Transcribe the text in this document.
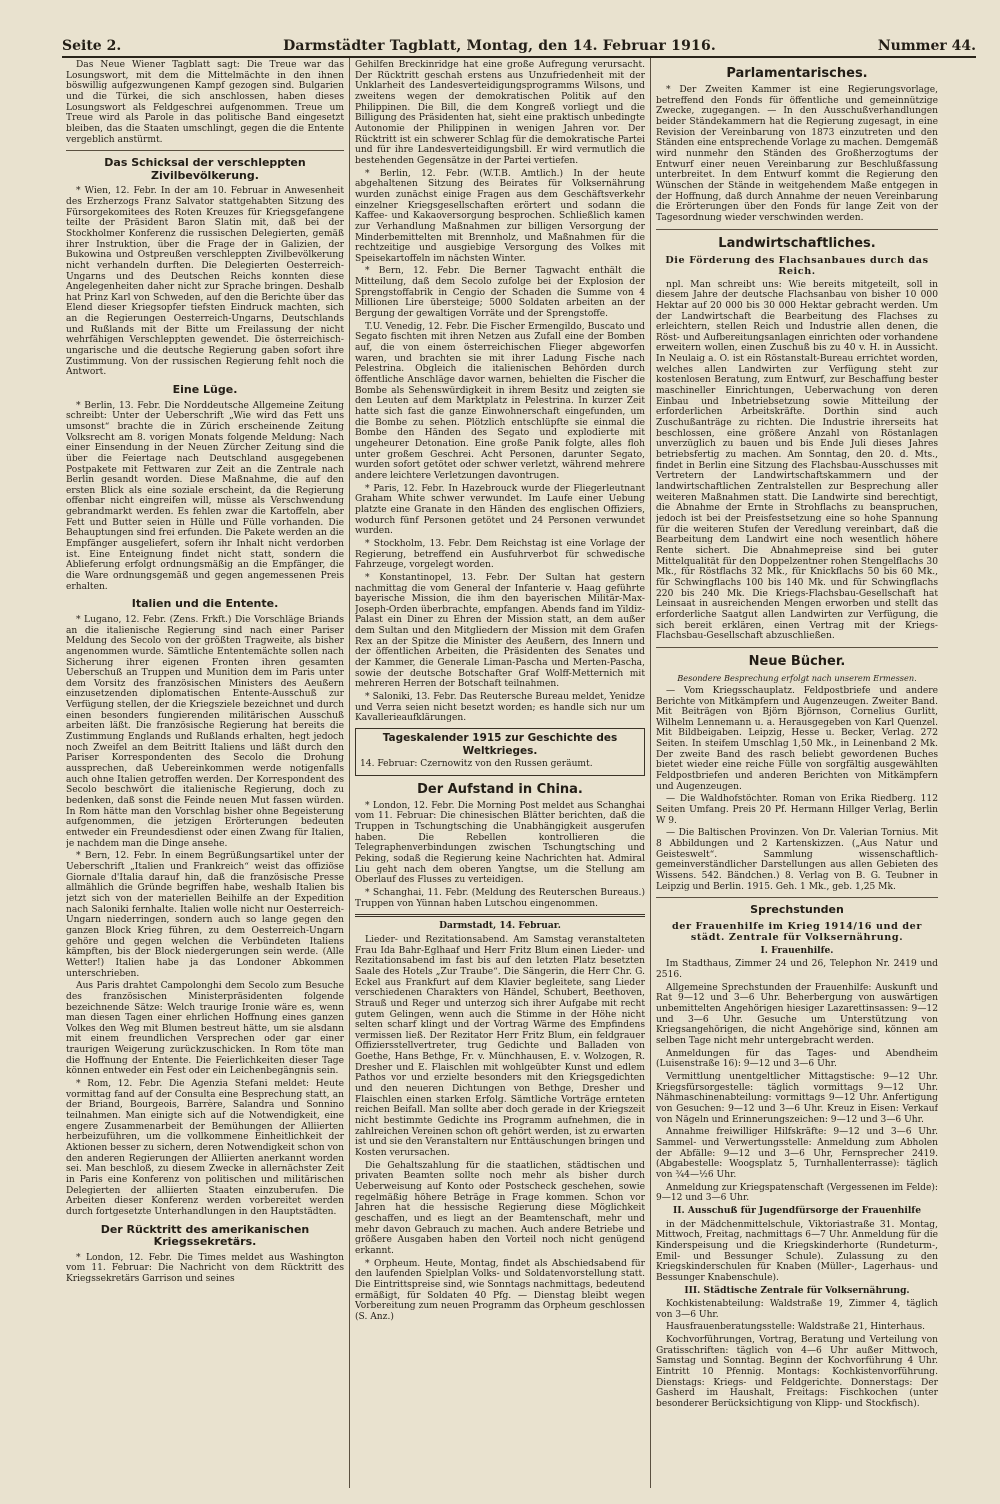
Seite 2.	Darmstädter Tagblatt, Montag, den 14. Februar 1916.	Nummer 44.

Das Neue Wiener Tagblatt sagt: Die Treue war das Losungswort, mit dem die Mittelmächte in den ihnen böswillig aufgezwungenen Kampf gezogen sind. Bulgarien und die Türkei, die sich anschlossen, haben dieses Losungswort als Feldgeschrei aufgenommen. Treue um Treue wird als Parole in das politische Band eingesetzt bleiben, das die Staaten umschlingt, gegen die die Entente vergeblich anstürmt.

Das Schicksal der verschleppten Zivilbevölkerung.

* Wien, 12. Febr. In der am 10. Februar in Anwesenheit des Erzherzogs Franz Salvator stattgehabten Sitzung des Fürsorgekomitees des Roten Kreuzes für Kriegsgefangene teilte der Präsident Baron Slatin mit, daß bei der Stockholmer Konferenz die russischen Delegierten, gemäß ihrer Instruktion, über die Frage der in Galizien, der Bukowina und Ostpreußen verschleppten Zivilbevölkerung nicht verhandeln durften. Die Delegierten Oesterreich-Ungarns und des Deutschen Reichs konnten diese Angelegenheiten daher nicht zur Sprache bringen. Deshalb hat Prinz Karl von Schweden, auf den die Berichte über das Elend dieser Kriegsopfer tiefsten Eindruck machten, sich an die Regierungen Oesterreich-Ungarns, Deutschlands und Rußlands mit der Bitte um Freilassung der nicht wehrfähigen Verschleppten gewendet. Die österreichisch-ungarische und die deutsche Regierung gaben sofort ihre Zustimmung. Von der russischen Regierung fehlt noch die Antwort.

Eine Lüge.

* Berlin, 13. Febr. Die Norddeutsche Allgemeine Zeitung schreibt: Unter der Ueberschrift „Wie wird das Fett uns umsonst“ brachte die in Zürich erscheinende Zeitung Volksrecht am 8. vorigen Monats folgende Meldung: Nach einer Einsendung in der Neuen Zürcher Zeitung sind die über die Feiertage nach Deutschland ausgegebenen Postpakete mit Fettwaren zur Zeit an die Zentrale nach Berlin gesandt worden. Diese Maßnahme, die auf den ersten Blick als eine soziale erscheint, da die Regierung offenbar nicht eingreifen will, müsse als Verschwendung gebrandmarkt werden. Es fehlen zwar die Kartoffeln, aber Fett und Butter seien in Hülle und Fülle vorhanden. Die Behauptungen sind frei erfunden. Die Pakete werden an die Empfänger ausgeliefert, sofern ihr Inhalt nicht verdorben ist. Eine Enteignung findet nicht statt, sondern die Ablieferung erfolgt ordnungsmäßig an die Empfänger, die die Ware ordnungsgemäß und gegen angemessenen Preis erhalten.

Italien und die Entente.

* Lugano, 12. Febr. (Zens. Frkft.) Die Vorschläge Briands an die italienische Regierung sind nach einer Pariser Meldung des Secolo von der größten Tragweite, als bisher angenommen wurde. Sämtliche Ententemächte sollen nach Sicherung ihrer eigenen Fronten ihren gesamten Ueberschuß an Truppen und Munition dem im Paris unter dem Vorsitz des französischen Ministers des Aeußern einzusetzenden diplomatischen Entente-Ausschuß zur Verfügung stellen, der die Kriegsziele bezeichnet und durch einen besonders fungierenden militärischen Ausschuß arbeiten läßt. Die französische Regierung hat bereits die Zustimmung Englands und Rußlands erhalten, hegt jedoch noch Zweifel an dem Beitritt Italiens und läßt durch den Pariser Korrespondenten des Secolo die Drohung aussprechen, daß Uebereinkommen werde notigenfalls auch ohne Italien getroffen werden. Der Korrespondent des Secolo beschwört die italienische Regierung, doch zu bedenken, daß sonst die Feinde neuen Mut fassen würden. In Rom hätte man den Vorschlag bisher ohne Begeisterung aufgenommen, die jetzigen Erörterungen bedeuten entweder ein Freundesdienst oder einen Zwang für Italien, je nachdem man die Dinge ansehe.

* Bern, 12. Febr. In einem Begrüßungsartikel unter der Ueberschrift „Italien und Frankreich“ weist das offiziöse Giornale d'Italia darauf hin, daß die französische Presse allmählich die Gründe begriffen habe, weshalb Italien bis jetzt sich von der materiellen Beihilfe an der Expedition nach Saloniki fernhalte. Italien wolle nicht nur Oesterreich-Ungarn niederringen, sondern auch so lange gegen den ganzen Block Krieg führen, zu dem Oesterreich-Ungarn gehöre und gegen welchen die Verbündeten Italiens kämpften, bis der Block niedergerungen sein werde. (Alle Wetter!) Italien habe ja das Londoner Abkommen unterschrieben.

Aus Paris drahtet Campolonghi dem Secolo zum Besuche des französischen Ministerpräsidenten folgende bezeichnende Sätze: Welch traurige Ironie wäre es, wenn man diesen Tagen einer ehrlichen Hoffnung eines ganzen Volkes den Weg mit Blumen bestreut hätte, um sie alsdann mit einem freundlichen Versprechen oder gar einer traurigen Weigerung zurückzuschicken. In Rom töte man die Hoffnung der Entente. Die Feierlichkeiten dieser Tage können entweder ein Fest oder ein Leichenbegängnis sein.

* Rom, 12. Febr. Die Agenzia Stefani meldet: Heute vormittag fand auf der Consulta eine Besprechung statt, an der Briand, Bourgeois, Barrère, Salandra und Sonnino teilnahmen. Man einigte sich auf die Notwendigkeit, eine engere Zusammenarbeit der Bemühungen der Alliierten herbeizuführen, um die vollkommene Einheitlichkeit der Aktionen besser zu sichern, deren Notwendigkeit schon von den anderen Regierungen der Alliierten anerkannt worden sei. Man beschloß, zu diesem Zwecke in allernächster Zeit in Paris eine Konferenz von politischen und militärischen Delegierten der alliierten Staaten einzuberufen. Die Arbeiten dieser Konferenz werden vorbereitet werden durch fortgesetzte Unterhandlungen in den Hauptstädten.

Der Rücktritt des amerikanischen Kriegssekretärs.

* London, 12. Febr. Die Times meldet aus Washington vom 11. Februar: Die Nachricht von dem Rücktritt des Kriegssekretärs Garrison und seines

Gehilfen Breckinridge hat eine große Aufregung verursacht. Der Rücktritt geschah erstens aus Unzufriedenheit mit der Unklarheit des Landesverteidigungsprogramms Wilsons, und zweitens wegen der demokratischen Politik auf den Philippinen. Die Bill, die dem Kongreß vorliegt und die Billigung des Präsidenten hat, sieht eine praktisch unbedingte Autonomie der Philippinen in wenigen Jahren vor. Der Rücktritt ist ein schwerer Schlag für die demokratische Partei und für ihre Landesverteidigungsbill. Er wird vermutlich die bestehenden Gegensätze in der Partei vertiefen.

* Berlin, 12. Febr. (W.T.B. Amtlich.) In der heute abgehaltenen Sitzung des Beirates für Volksernährung wurden zunächst einige Fragen aus dem Geschäftsverkehr einzelner Kriegsgesellschaften erörtert und sodann die Kaffee- und Kakaoversorgung besprochen. Schließlich kamen zur Verhandlung Maßnahmen zur billigen Versorgung der Minderbemittelten mit Brennholz, und Maßnahmen für die rechtzeitige und ausgiebige Versorgung des Volkes mit Speisekartoffeln im nächsten Winter.

* Bern, 12. Febr. Die Berner Tagwacht enthält die Mitteilung, daß dem Secolo zufolge bei der Explosion der Sprengstoffabrik in Cengio der Schaden die Summe von 4 Millionen Lire übersteige; 5000 Soldaten arbeiten an der Bergung der gewaltigen Vorräte und der Sprengstoffe.

T.U. Venedig, 12. Febr. Die Fischer Ermengildo, Buscato und Segato fischten mit ihren Netzen aus Zufall eine der Bomben auf, die von einem österreichischen Flieger abgeworfen waren, und brachten sie mit ihrer Ladung Fische nach Pelestrina. Obgleich die italienischen Behörden durch öffentliche Anschläge davor warnen, behielten die Fischer die Bombe als Sehenswürdigkeit in ihrem Besitz und zeigten sie den Leuten auf dem Marktplatz in Pelestrina. In kurzer Zeit hatte sich fast die ganze Einwohnerschaft eingefunden, um die Bombe zu sehen. Plötzlich entschlüpfte sie einmal die Bombe den Händen des Segato und explodierte mit ungeheurer Detonation. Eine große Panik folgte, alles floh unter großem Geschrei. Acht Personen, darunter Segato, wurden sofort getötet oder schwer verletzt, während mehrere andere leichtere Verletzungen davontrugen.

* Paris, 12. Febr. In Hazebrouck wurde der Fliegerleutnant Graham White schwer verwundet. Im Laufe einer Uebung platzte eine Granate in den Händen des englischen Offiziers, wodurch fünf Personen getötet und 24 Personen verwundet wurden.

* Stockholm, 13. Febr. Dem Reichstag ist eine Vorlage der Regierung, betreffend ein Ausfuhrverbot für schwedische Fahrzeuge, vorgelegt worden.

* Konstantinopel, 13. Febr. Der Sultan hat gestern nachmittag die vom General der Infanterie v. Haag geführte bayerische Mission, die ihm den bayerischen Militär-Max-Joseph-Orden überbrachte, empfangen. Abends fand im Yildiz-Palast ein Diner zu Ehren der Mission statt, an dem außer dem Sultan und den Mitgliedern der Mission mit dem Grafen Rex an der Spitze die Minister des Aeußern, des Innern und der öffentlichen Arbeiten, die Präsidenten des Senates und der Kammer, die Generale Liman-Pascha und Merten-Pascha, sowie der deutsche Botschafter Graf Wolff-Metternich mit mehreren Herren der Botschaft teilnahmen.

* Saloniki, 13. Febr. Das Reutersche Bureau meldet, Yenidze und Verra seien nicht besetzt worden; es handle sich nur um Kavallerieaufklärungen.

Tageskalender 1915 zur Geschichte des Weltkrieges.

14. Februar: Czernowitz von den Russen geräumt.

Der Aufstand in China.

* London, 12. Febr. Die Morning Post meldet aus Schanghai vom 11. Februar: Die chinesischen Blätter berichten, daß die Truppen in Tschungtsching die Unabhängigkeit ausgerufen haben. Die Rebellen kontrollieren die Telegraphenverbindungen zwischen Tschungtsching und Peking, sodaß die Regierung keine Nachrichten hat. Admiral Liu geht nach dem oberen Yangtse, um die Stellung am Oberlauf des Flusses zu verteidigen.

* Schanghai, 11. Febr. (Meldung des Reuterschen Bureaus.) Truppen von Yünnan haben Lutschou eingenommen.

Darmstadt, 14. Februar.

Lieder- und Rezitationsabend. Am Samstag veranstalteten Frau Ida Bahr-Eglhaaf und Herr Fritz Blum einen Lieder- und Rezitationsabend im fast bis auf den letzten Platz besetzten Saale des Hotels „Zur Traube“. Die Sängerin, die Herr Chr. G. Eckel aus Frankfurt auf dem Klavier begleitete, sang Lieder verschiedenen Charakters von Händel, Schubert, Beethoven, Strauß und Reger und unterzog sich ihrer Aufgabe mit recht gutem Gelingen, wenn auch die Stimme in der Höhe nicht selten scharf klingt und der Vortrag Wärme des Empfindens vermissen ließ. Der Rezitator Herr Fritz Blum, ein feldgrauer Offiziersstellvertreter, trug Gedichte und Balladen von Goethe, Hans Bethge, Fr. v. Münchhausen, E. v. Wolzogen, R. Dresher und E. Flaischlen mit wohlgeübter Kunst und edlem Pathos vor und erzielte besonders mit den Kriegsgedichten und den neueren Dichtungen von Bethge, Dresher und Flaischlen einen starken Erfolg. Sämtliche Vorträge ernteten reichen Beifall. Man sollte aber doch gerade in der Kriegszeit nicht bestimmte Gedichte ins Programm aufnehmen, die in zahlreichen Vereinen schon oft gehört werden, ist zu erwarten ist und sie den Veranstaltern nur Enttäuschungen bringen und Kosten verursachen.

Die Gehaltszahlung für die staatlichen, städtischen und privaten Beamten sollte noch mehr als bisher durch Ueberweisung auf Konto oder Postscheck geschehen, sowie regelmäßig höhere Beträge in Frage kommen. Schon vor Jahren hat die hessische Regierung diese Möglichkeit geschaffen, und es liegt an der Beamtenschaft, mehr und mehr davon Gebrauch zu machen. Auch andere Betriebe und größere Ausgaben haben den Vorteil noch nicht genügend erkannt.

* Orpheum. Heute, Montag, findet als Abschiedsabend für den laufenden Spielplan Volks- und Soldatenvorstellung statt. Die Eintrittspreise sind, wie Sonntags nachmittags, bedeutend ermäßigt, für Soldaten 40 Pfg. — Dienstag bleibt wegen Vorbereitung zum neuen Programm das Orpheum geschlossen (S. Anz.)

Parlamentarisches.

* Der Zweiten Kammer ist eine Regierungsvorlage, betreffend den Fonds für öffentliche und gemeinnützige Zwecke, zugegangen. — In den Ausschußverhandlungen beider Ständekammern hat die Regierung zugesagt, in eine Revision der Vereinbarung von 1873 einzutreten und den Ständen eine entsprechende Vorlage zu machen. Demgemäß wird nunmehr den Ständen des Großherzogtums der Entwurf einer neuen Vereinbarung zur Beschlußfassung unterbreitet. In dem Entwurf kommt die Regierung den Wünschen der Stände in weitgehendem Maße entgegen in der Hoffnung, daß durch Annahme der neuen Vereinbarung die Erörterungen über den Fonds für lange Zeit von der Tagesordnung wieder verschwinden werden.

Landwirtschaftliches.
Die Förderung des Flachsanbaues durch das Reich.

npl. Man schreibt uns: Wie bereits mitgeteilt, soll in diesem Jahre der deutsche Flachsanbau von bisher 10 000 Hektar auf 20 000 bis 30 000 Hektar gebracht werden. Um der Landwirtschaft die Bearbeitung des Flachses zu erleichtern, stellen Reich und Industrie allen denen, die Röst- und Aufbereitungsanlagen einrichten oder vorhandene erweitern wollen, einen Zuschuß bis zu 40 v. H. in Aussicht. In Neulaig a. O. ist ein Röstanstalt-Bureau errichtet worden, welches allen Landwirten zur Verfügung steht zur kostenlosen Beratung, zum Entwurf, zur Beschaffung bester maschineller Einrichtungen, Ueberwachung von deren Einbau und Inbetriebsetzung sowie Mitteilung der erforderlichen Arbeitskräfte. Dorthin sind auch Zuschußanträge zu richten. Die Industrie ihrerseits hat beschlossen, eine größere Anzahl von Röstanlagen unverzüglich zu bauen und bis Ende Juli dieses Jahres betriebsfertig zu machen. Am Sonntag, den 20. d. Mts., findet in Berlin eine Sitzung des Flachsbau-Ausschusses mit Vertretern der Landwirtschaftskammern und der landwirtschaftlichen Zentralstellen zur Besprechung aller weiteren Maßnahmen statt. Die Landwirte sind berechtigt, die Abnahme der Ernte in Strohflachs zu beanspruchen, jedoch ist bei der Preisfestsetzung eine so hohe Spannung für die weiteren Stufen der Veredlung vereinbart, daß die Bearbeitung dem Landwirt eine noch wesentlich höhere Rente sichert. Die Abnahmepreise sind bei guter Mittelqualität für den Doppelzentner rohen Stengelflachs 30 Mk., für Röstflachs 32 Mk., für Knickflachs 50 bis 60 Mk., für Schwingflachs 100 bis 140 Mk. und für Schwingflachs 220 bis 240 Mk. Die Kriegs-Flachsbau-Gesellschaft hat Leinsaat in ausreichenden Mengen erworben und stellt das erforderliche Saatgut allen Landwirten zur Verfügung, die sich bereit erklären, einen Vertrag mit der Kriegs-Flachsbau-Gesellschaft abzuschließen.

Neue Bücher.
Besondere Besprechung erfolgt nach unserem Ermessen.

— Vom Kriegsschauplatz. Feldpostbriefe und andere Berichte von Mitkämpfern und Augenzeugen. Zweiter Band. Mit Beiträgen von Björn Björnson, Cornelius Gurlitt, Wilhelm Lennemann u. a. Herausgegeben von Karl Quenzel. Mit Bildbeigaben. Leipzig, Hesse u. Becker, Verlag. 272 Seiten. In steifem Umschlag 1,50 Mk., in Leinenband 2 Mk. Der zweite Band des rasch beliebt gewordenen Buches bietet wieder eine reiche Fülle von sorgfältig ausgewählten Feldpostbriefen und anderen Berichten von Mitkämpfern und Augenzeugen.

— Die Waldhofstöchter. Roman von Erika Riedberg. 112 Seiten Umfang. Preis 20 Pf. Hermann Hillger Verlag, Berlin W 9.

— Die Baltischen Provinzen. Von Dr. Valerian Tornius. Mit 8 Abbildungen und 2 Kartenskizzen. („Aus Natur und Geisteswelt“. Sammlung wissenschaftlich-gemeinverständlicher Darstellungen aus allen Gebieten des Wissens. 542. Bändchen.) 8. Verlag von B. G. Teubner in Leipzig und Berlin. 1915. Geh. 1 Mk., geb. 1,25 Mk.

Sprechstunden
der Frauenhilfe im Krieg 1914/16 und der städt. Zentrale für Volksernährung.
I. Frauenhilfe.

Im Stadthaus, Zimmer 24 und 26, Telephon Nr. 2419 und 2516.

Allgemeine Sprechstunden der Frauenhilfe: Auskunft und Rat 9—12 und 3—6 Uhr. Beherbergung von auswärtigen unbemittelten Angehörigen hiesiger Lazarettinsassen: 9—12 und 3—6 Uhr. Gesuche um Unterstützung von Kriegsangehörigen, die nicht Angehörige sind, können am selben Tage nicht mehr untergebracht werden.

Anmeldungen für das Tages- und Abendheim (Luisenstraße 16): 9—12 und 3—6 Uhr.

Vermittlung unentgeltlicher Mittagstische: 9—12 Uhr. Kriegsfürsorgestelle: täglich vormittags 9—12 Uhr. Nähmaschinenabteilung: vormittags 9—12 Uhr. Anfertigung von Gesuchen: 9—12 und 3—6 Uhr. Kreuz in Eisen: Verkauf von Nägeln und Erinnerungszeichen: 9—12 und 3—6 Uhr.

Annahme freiwilliger Hilfskräfte: 9—12 und 3—6 Uhr. Sammel- und Verwertungsstelle: Anmeldung zum Abholen der Abfälle: 9—12 und 3—6 Uhr, Fernsprecher 2419. (Abgabestelle: Woogsplatz 5, Turnhallenterrasse): täglich von ¾4—½6 Uhr.

Anmeldung zur Kriegspatenschaft (Vergessenen im Felde): 9—12 und 3—6 Uhr.

II. Ausschuß für Jugendfürsorge der Frauenhilfe

in der Mädchenmittelschule, Viktoriastraße 31. Montag, Mittwoch, Freitag, nachmittags 6—7 Uhr. Anmeldung für die Kinderspeisung und die Kriegskinderhorte (Rundeturm-, Emil- und Bessunger Schule). Zulassung zu den Kriegskinderschulen für Knaben (Müller-, Lagerhaus- und Bessunger Knabenschule).

III. Städtische Zentrale für Volksernährung.

Kochkistenabteilung: Waldstraße 19, Zimmer 4, täglich von 3—6 Uhr.

Hausfrauenberatungsstelle: Waldstraße 21, Hinterhaus.

Kochvorführungen, Vortrag, Beratung und Verteilung von Gratisschriften: täglich von 4—6 Uhr außer Mittwoch, Samstag und Sonntag. Beginn der Kochvorführung 4 Uhr. Eintritt 10 Pfennig. Montags: Kochkistenvorführung. Dienstags: Kriegs- und Feldgerichte. Donnerstags: Der Gasherd im Haushalt, Freitags: Fischkochen (unter besonderer Berücksichtigung von Klipp- und Stockfisch).
